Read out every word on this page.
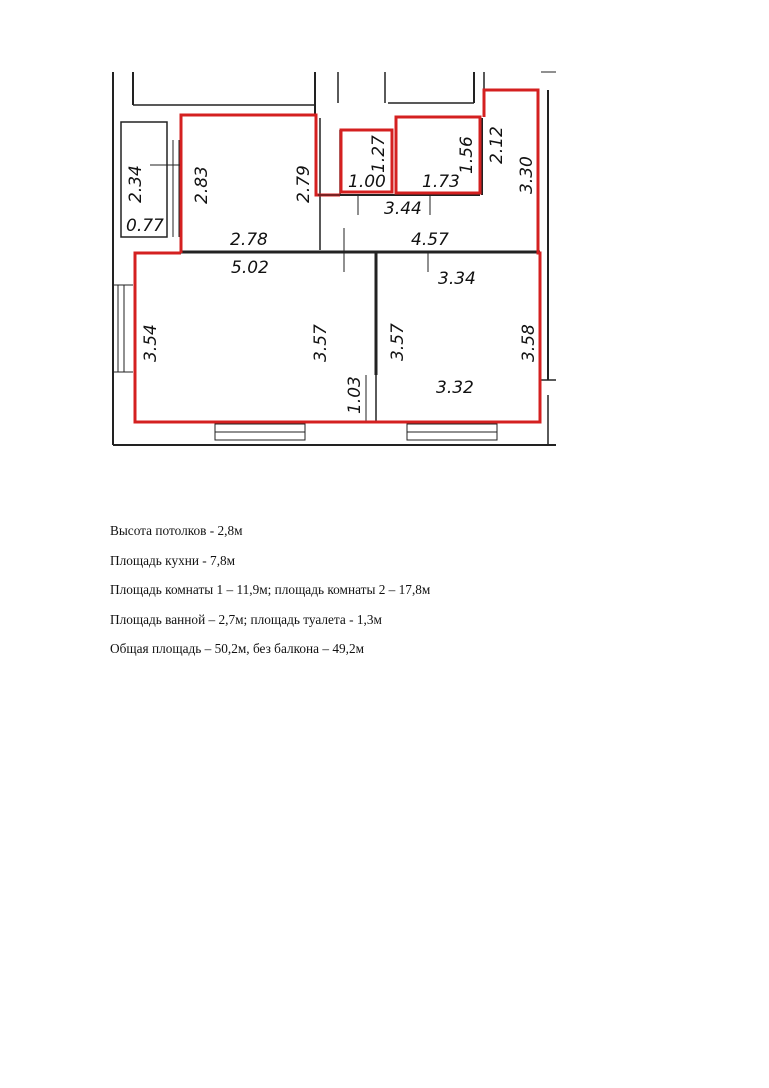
2.34
0.77
2.83	2.79
2.78
1.27
1.00
1.56
1.73
3.44
2.12
3.30
4.57
5.02
3.54	3.57
1.03
3.34
3.57	3.58
3.32

Высота потолков - 2,8м

Площадь кухни - 7,8м

Площадь комнаты 1 – 11,9м; площадь комнаты 2 – 17,8м

Площадь ванной – 2,7м; площадь туалета - 1,3м

Общая площадь – 50,2м, без балкона – 49,2м
